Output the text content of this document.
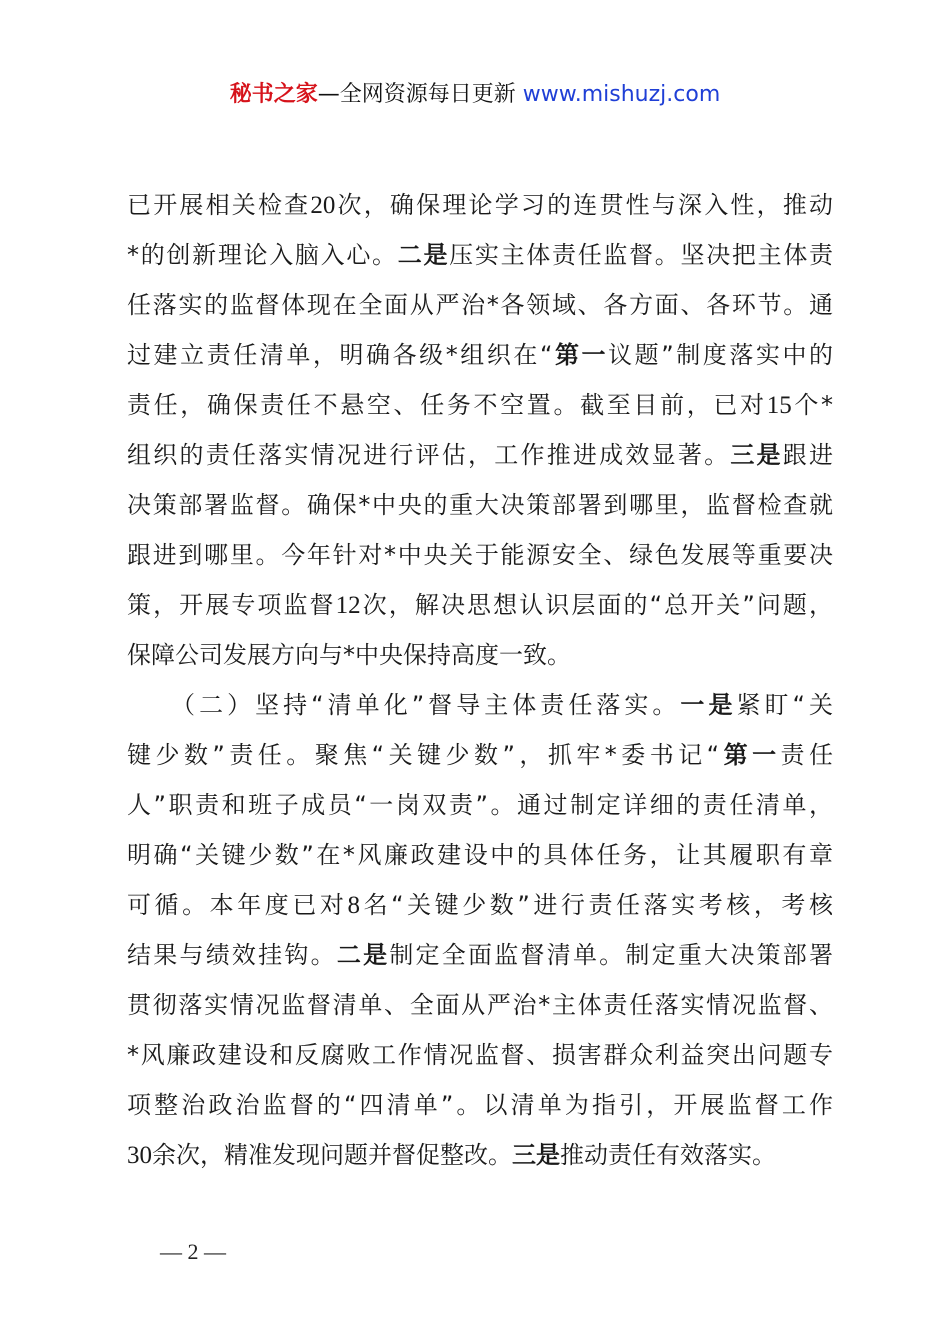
秘书之家—全网资源每日更新 www.mishuzj.com
已开展相关检查20次，确保理论学习的连贯性与深入性，推动
*的创新理论入脑入心。二是压实主体责任监督。坚决把主体责
任落实的监督体现在全面从严治*各领域、各方面、各环节。通
过建立责任清单，明确各级*组织在“第一议题”制度落实中的
责任，确保责任不悬空、任务不空置。截至目前，已对15个*
组织的责任落实情况进行评估，工作推进成效显著。三是跟进
决策部署监督。确保*中央的重大决策部署到哪里，监督检查就
跟进到哪里。今年针对*中央关于能源安全、绿色发展等重要决
策，开展专项监督12次，解决思想认识层面的“总开关”问题，
保障公司发展方向与*中央保持高度一致。
　　（二）坚持“清单化”督导主体责任落实。一是紧盯“关
键少数”责任。聚焦“关键少数”，抓牢*委书记“第一责任
人”职责和班子成员“一岗双责”。通过制定详细的责任清单，
明确“关键少数”在*风廉政建设中的具体任务，让其履职有章
可循。本年度已对8名“关键少数”进行责任落实考核，考核
结果与绩效挂钩。二是制定全面监督清单。制定重大决策部署
贯彻落实情况监督清单、全面从严治*主体责任落实情况监督、
*风廉政建设和反腐败工作情况监督、损害群众利益突出问题专
项整治政治监督的“四清单”。以清单为指引，开展监督工作
30余次，精准发现问题并督促整改。三是推动责任有效落实。
— 2 —
